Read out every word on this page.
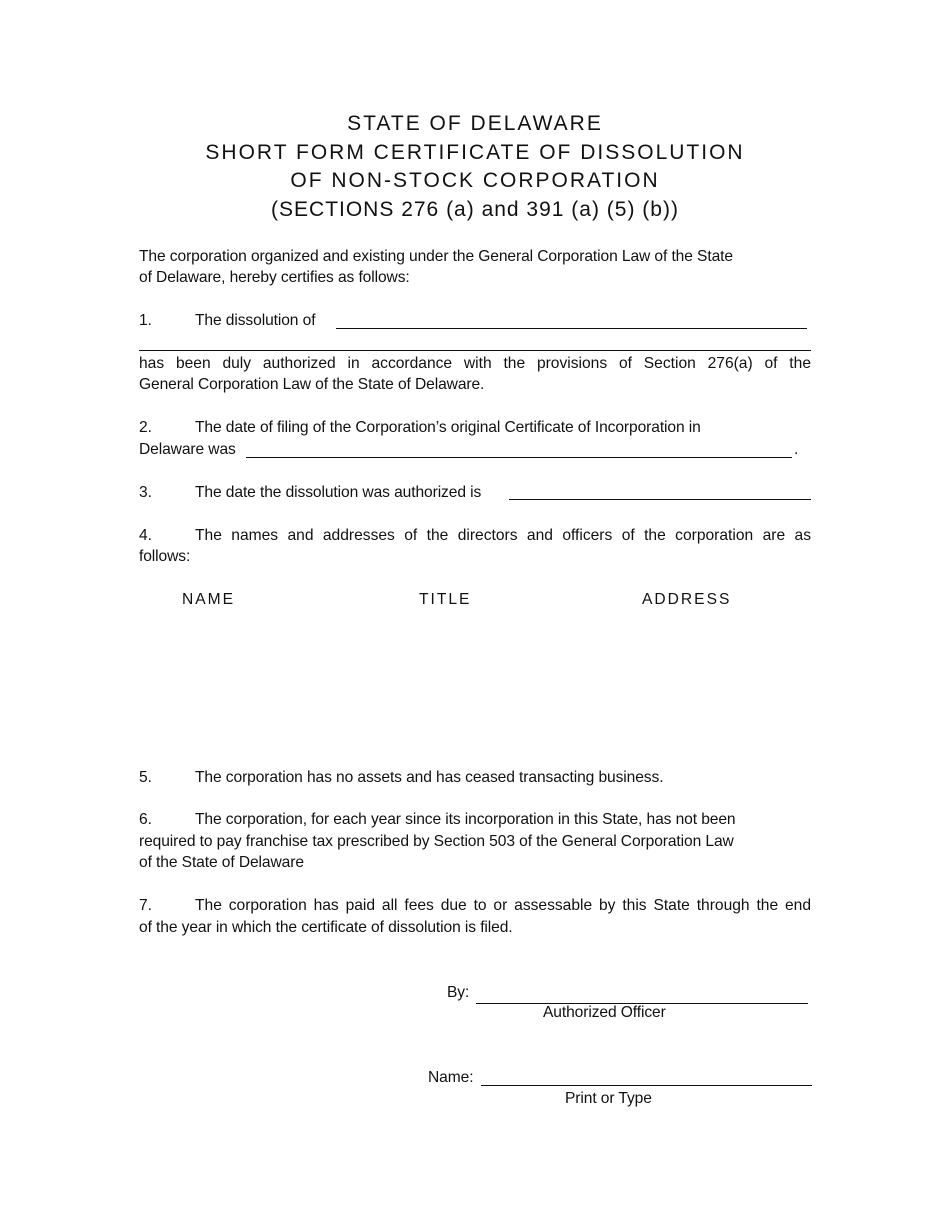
STATE OF DELAWARE
SHORT FORM CERTIFICATE OF DISSOLUTION
OF NON-STOCK CORPORATION
(SECTIONS 276 (a) and 391 (a) (5) (b))
The corporation organized and existing under the General Corporation Law of the State
of Delaware, hereby certifies as follows:
1.	The dissolution of
has been duly authorized in accordance with the provisions of Section 276(a) of the
General Corporation Law of the State of Delaware.
2.	The date of filing of the Corporation’s original Certificate of Incorporation in
Delaware was	.
3.	The date the dissolution was authorized is
4.	The names and addresses of the directors and officers of the corporation are as
follows:
NAME	TITLE	ADDRESS
5.	The corporation has no assets and has ceased transacting business.
6.	The corporation, for each year since its incorporation in this State, has not been
required to pay franchise tax prescribed by Section 503 of the General Corporation Law
of the State of Delaware
7.	The corporation has paid all fees due to or assessable by this State through the end
of the year in which the certificate of dissolution is filed.
By:
Authorized Officer
Name:
Print or Type
